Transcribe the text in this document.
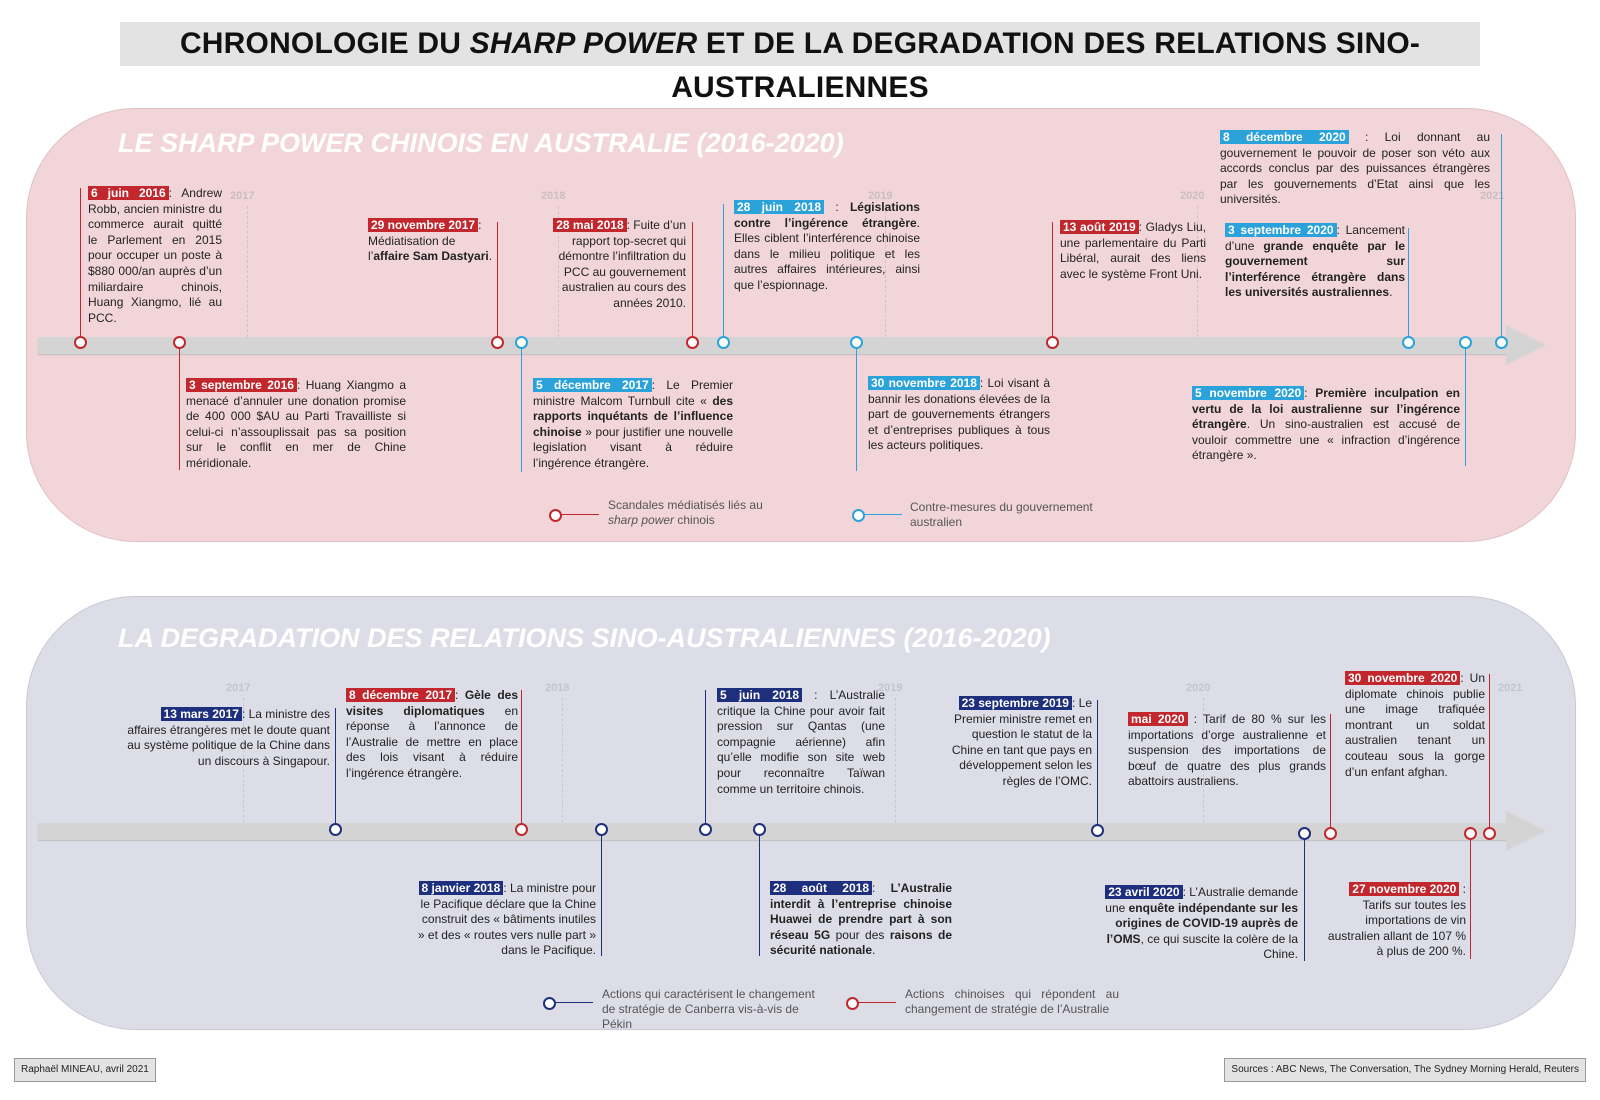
CHRONOLOGIE DU SHARP POWER ET DE LA DEGRADATION DES RELATIONS SINO-AUSTRALIENNES
LE SHARP POWER CHINOIS EN AUSTRALIE (2016-2020)
2017	2018	2019	2020	2021
6 juin 2016 : Andrew Robb, ancien ministre du commerce aurait quitté le Parlement en 2015 pour occuper un poste à $880 000/an auprès d’un miliardaire chinois, Huang Xiangmo, lié au PCC.
3 septembre 2016 : Huang Xiangmo a menacé d’annuler une donation promise de 400 000 $AU au Parti Travailliste si celui-ci n’assouplissait pas sa position sur le conflit en mer de Chine méridionale.
29 novembre 2017 :
Médiatisation de l’affaire Sam Dastyari.
5 décembre 2017 : Le Premier ministre Malcom Turnbull cite « des rapports inquétants de l’influence chinoise » pour justifier une nouvelle legislation visant à réduire l’ingérence étrangère.
28 mai 2018 : Fuite d’un rapport top-secret qui démontre l’infiltration du PCC au gouvernement australien au cours des années 2010.
28 juin 2018 : Législations contre l’ingérence étrangère. Elles ciblent l’interférence chinoise dans le milieu politique et les autres affaires intérieures, ainsi que l’espionnage.
30 novembre 2018 : Loi visant à bannir les donations élevées de la part de gouvernements étrangers et d’entreprises publiques à tous les acteurs politiques.
13 août 2019 : Gladys Liu, une parlementaire du Parti Libéral, aurait des liens avec le système Front Uni.
3 septembre 2020 : Lancement d’une grande enquête par le gouvernement sur l’interférence étrangère dans les universités australiennes.
5 novembre 2020 : Première inculpation en vertu de la loi australienne sur l’ingérence étrangère. Un sino-australien est accusé de vouloir commettre une « infraction d’ingérence étrangère ».
8 décembre 2020 : Loi donnant au gouvernement le pouvoir de poser son véto aux accords conclus par des puissances étrangères par les gouvernements d’Etat ainsi que les universités.
Scandales médiatisés liés au
sharp power chinois
Contre-mesures du gouvernement australien
LA DEGRADATION DES RELATIONS SINO-AUSTRALIENNES (2016-2020)
2017	2018	2019	2020	2021
13 mars 2017 : La ministre des affaires étrangères met le doute quant au système politique de la Chine dans un discours à Singapour.
8 décembre 2017 : Gèle des visites diplomatiques en réponse à l’annonce de l’Australie de mettre en place des lois visant à réduire l’ingérence étrangère.
8 janvier 2018 : La ministre pour le Pacifique déclare que la Chine construit des « bâtiments inutiles » et des « routes vers nulle part » dans le Pacifique.
5 juin 2018 : L’Australie critique la Chine pour avoir fait pression sur Qantas (une compagnie aérienne) afin qu’elle modifie son site web pour reconnaître Taïwan comme un territoire chinois.
28 août 2018 : L’Australie interdit à l’entreprise chinoise Huawei de prendre part à son réseau 5G pour des raisons de sécurité nationale.
23 septembre 2019 : Le Premier ministre remet en question le statut de la Chine en tant que pays en développement selon les règles de l’OMC.
23 avril 2020 : L’Australie demande une enquête indépendante sur les origines de COVID-19 auprès de l’OMS, ce qui suscite la colère de la Chine.
mai 2020 : Tarif de 80 % sur les importations d’orge australienne et suspension des importations de bœuf de quatre des plus grands abattoirs australiens.
27 novembre 2020 : Tarifs sur toutes les importations de vin australien allant de 107 % à plus de 200 %.
30 novembre 2020 : Un diplomate chinois publie une image trafiquée montrant un soldat australien tenant un couteau sous la gorge d’un enfant afghan.
Actions qui caractérisent le changement de stratégie de Canberra vis-à-vis de Pékin
Actions chinoises qui répondent au changement de stratégie de l’Australie
Raphaël MINEAU, avril 2021	Sources : ABC News, The Conversation, The Sydney Morning Herald, Reuters
